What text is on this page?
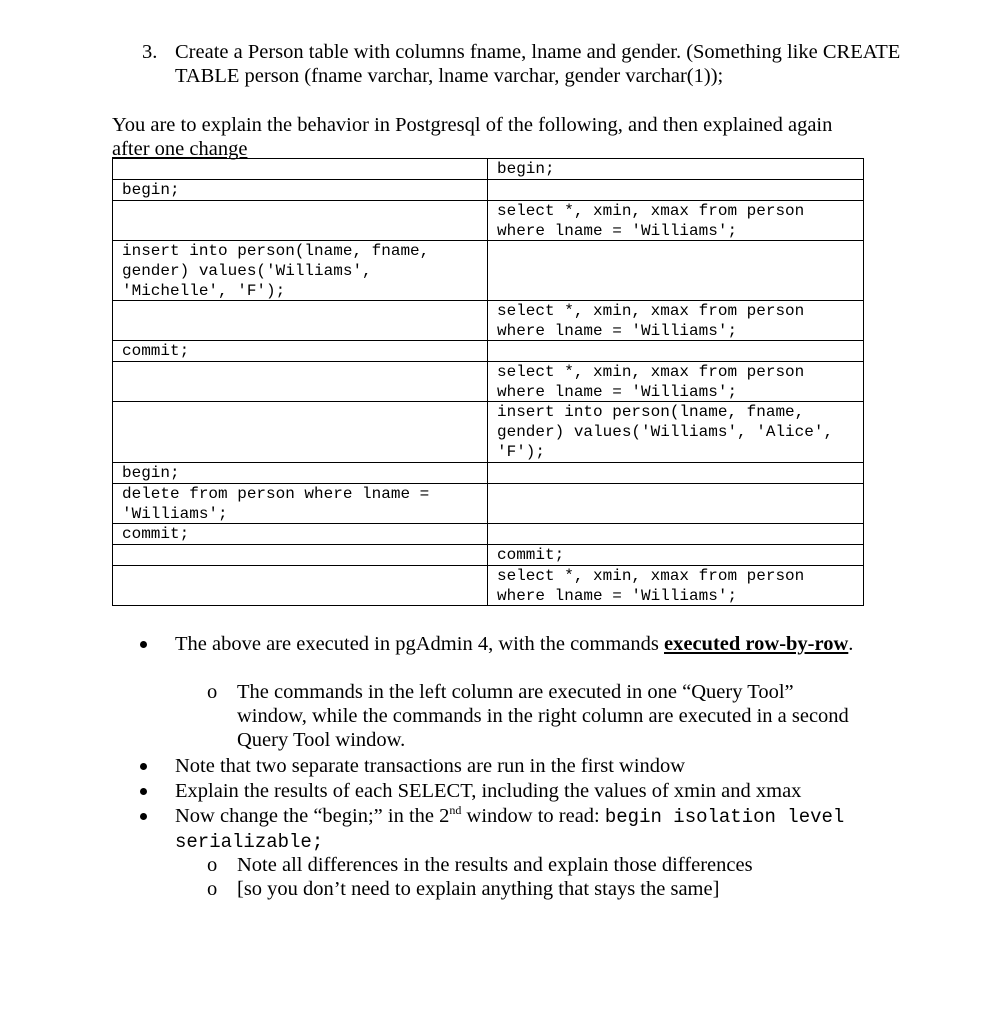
3. Create a Person table with columns fname, lname and gender. (Something like CREATE TABLE person (fname varchar, lname varchar, gender varchar(1));
You are to explain the behavior in Postgresql of the following, and then explained again
after one change
begin;
begin;
select *, xmin, xmax from person where lname = 'Williams';
insert into person(lname, fname, gender) values('Williams', 'Michelle', 'F');
select *, xmin, xmax from person where lname = 'Williams';
commit;
select *, xmin, xmax from person where lname = 'Williams';
insert into person(lname, fname, gender) values('Williams', 'Alice', 'F');
begin;
delete from person where lname = 'Williams';
commit;
commit;
select *, xmin, xmax from person where lname = 'Williams';
The above are executed in pgAdmin 4, with the commands executed row-by-row.
o The commands in the left column are executed in one “Query Tool” window, while the commands in the right column are executed in a second Query Tool window.
Note that two separate transactions are run in the first window
Explain the results of each SELECT, including the values of xmin and xmax
Now change the “begin;” in the 2nd window to read: begin isolation level serializable;
o Note all differences in the results and explain those differences
o [so you don’t need to explain anything that stays the same]
